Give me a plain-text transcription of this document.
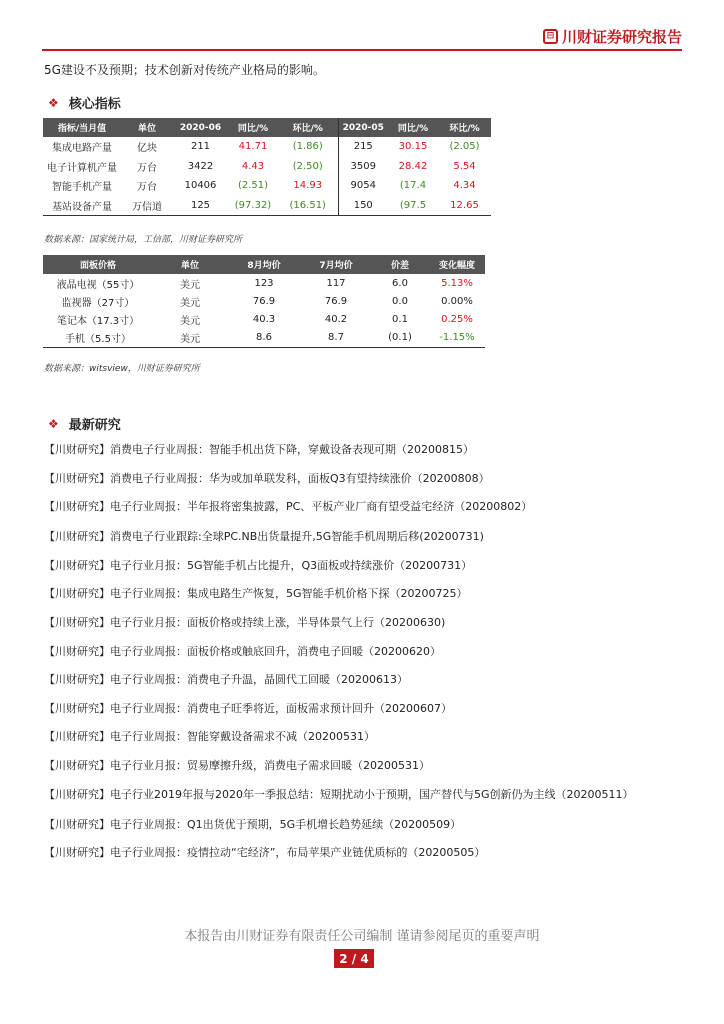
⊟ 川财证券研究报告
5G建设不及预期；技术创新对传统产业格局的影响。
❖ 核心指标
指标/当月值	单位	2020-06	同比/%	环比/%	2020-05	同比/%	环比/%
集成电路产量	亿块	211	41.71	(1.86)	215	30.15	(2.05)
电子计算机产量	万台	3422	4.43	(2.50)	3509	28.42	5.54
智能手机产量	万台	10406	(2.51)	14.93	9054	(17.4	4.34
基站设备产量	万信道	125	(97.32)	(16.51)	150	(97.5	12.65
数据来源：国家统计局，工信部，川财证券研究所
面板价格	单位	8月均价	7月均价	价差	变化幅度
液晶电视（55寸）	美元	123	117	6.0	5.13%
监视器（27寸）	美元	76.9	76.9	0.0	0.00%
笔记本（17.3寸）	美元	40.3	40.2	0.1	0.25%
手机（5.5寸）	美元	8.6	8.7	(0.1)	-1.15%
数据来源：witsview，川财证券研究所
❖ 最新研究
【川财研究】消费电子行业周报：智能手机出货下降，穿戴设备表现可期（20200815）
【川财研究】消费电子行业周报：华为或加单联发科，面板Q3有望持续涨价（20200808）
【川财研究】电子行业周报：半年报将密集披露，PC、平板产业厂商有望受益宅经济（20200802）
【川财研究】消费电子行业跟踪:全球PC.NB出货量提升,5G智能手机周期后移(20200731)
【川财研究】电子行业月报：5G智能手机占比提升，Q3面板或持续涨价（20200731）
【川财研究】电子行业周报：集成电路生产恢复，5G智能手机价格下探（20200725）
【川财研究】电子行业月报：面板价格或持续上涨，半导体景气上行（20200630)
【川财研究】电子行业周报：面板价格或触底回升，消费电子回暖（20200620）
【川财研究】电子行业周报：消费电子升温，晶圆代工回暖（20200613）
【川财研究】电子行业周报：消费电子旺季将近，面板需求预计回升（20200607）
【川财研究】电子行业周报：智能穿戴设备需求不减（20200531）
【川财研究】电子行业月报：贸易摩擦升级，消费电子需求回暖（20200531）
【川财研究】电子行业2019年报与2020年一季报总结：短期扰动小于预期，国产替代与5G创新仍为主线（20200511）
【川财研究】电子行业周报：Q1出货优于预期，5G手机增长趋势延续（20200509）
【川财研究】电子行业周报：疫情拉动“宅经济”，布局苹果产业链优质标的（20200505）
本报告由川财证券有限责任公司编制 谨请参阅尾页的重要声明
2 / 4
